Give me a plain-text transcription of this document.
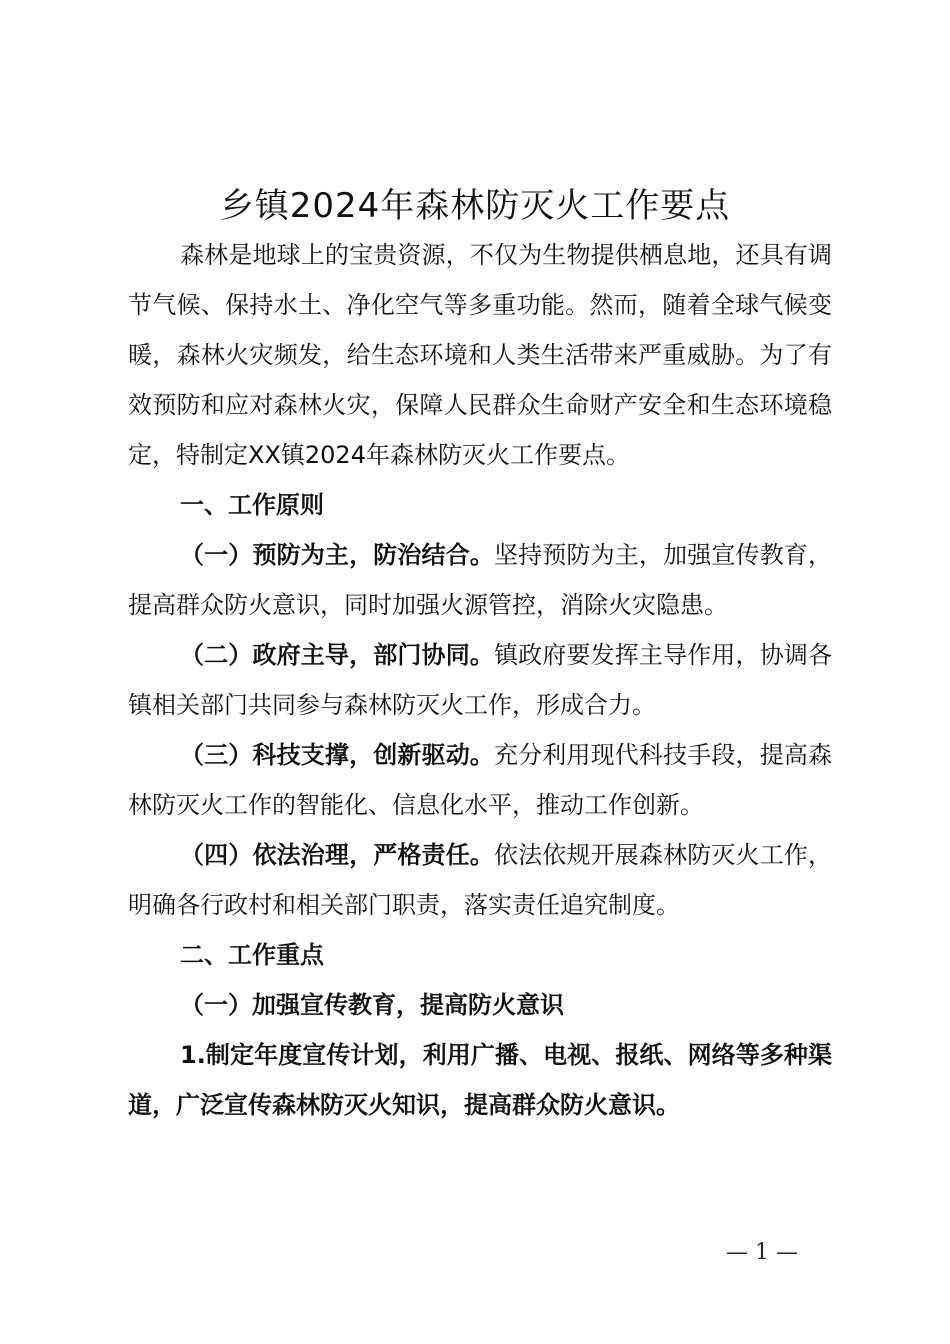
乡镇2024年森林防灭火工作要点

森林是地球上的宝贵资源，不仅为生物提供栖息地，还具有调节气候、保持水土、净化空气等多重功能。然而，随着全球气候变暖，森林火灾频发，给生态环境和人类生活带来严重威胁。为了有效预防和应对森林火灾，保障人民群众生命财产安全和生态环境稳定，特制定XX镇2024年森林防灭火工作要点。

一、工作原则

（一）预防为主，防治结合。坚持预防为主，加强宣传教育，提高群众防火意识，同时加强火源管控，消除火灾隐患。

（二）政府主导，部门协同。镇政府要发挥主导作用，协调各镇相关部门共同参与森林防灭火工作，形成合力。

（三）科技支撑，创新驱动。充分利用现代科技手段，提高森林防灭火工作的智能化、信息化水平，推动工作创新。

（四）依法治理，严格责任。依法依规开展森林防灭火工作，明确各行政村和相关部门职责，落实责任追究制度。

二、工作重点

（一）加强宣传教育，提高防火意识

1.制定年度宣传计划，利用广播、电视、报纸、网络等多种渠道，广泛宣传森林防灭火知识，提高群众防火意识。

— 1 —
